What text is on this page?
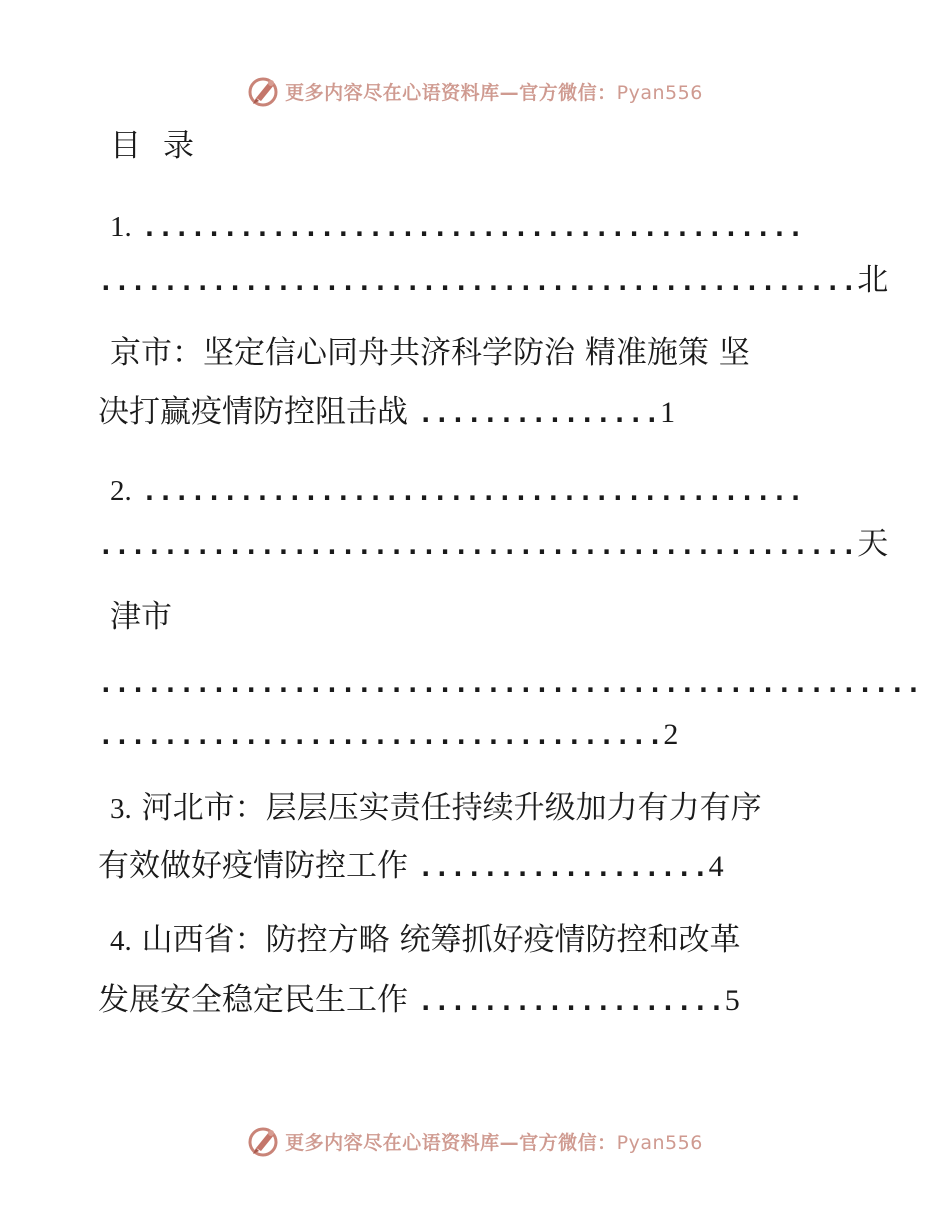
更多内容尽在心语资料库—官方微信：Pyan556
目 录
1. .........................................
...............................................北
京市：坚定信心同舟共济科学防治 精准施策 坚
决打赢疫情防控阻击战 ...............1
2. .........................................
...............................................天
津市
...................................................
...................................2
3. 河北市：层层压实责任持续升级加力有力有序
有效做好疫情防控工作 ..................4
4. 山西省：防控方略 统筹抓好疫情防控和改革
发展安全稳定民生工作 ...................5
更多内容尽在心语资料库—官方微信：Pyan556
